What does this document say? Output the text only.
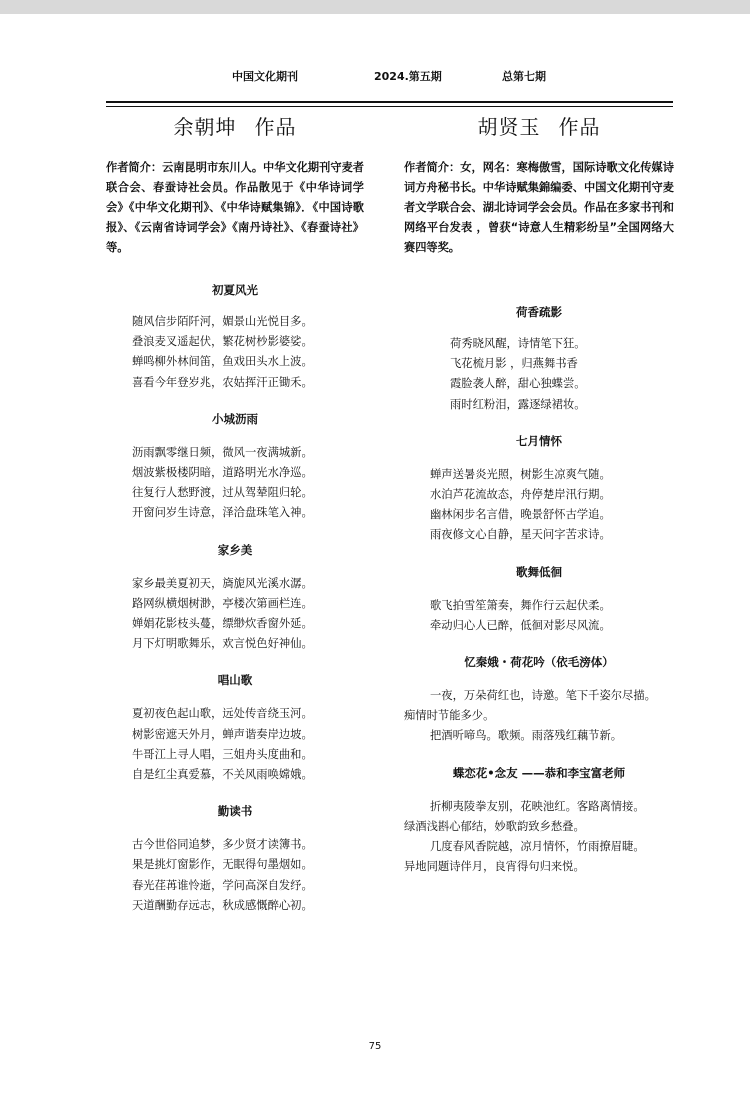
中国文化期刊	2024.第五期	总第七期
余朝坤 作品
作者简介：云南昆明市东川人。中华文化期刊守麦者联合会、春蚕诗社会员。作品散见于《中华诗词学会》《中华文化期刊》、《中华诗赋集锦》．《中国诗歌报》、《云南省诗词学会》《南丹诗社》、《春蚕诗社》等。
初夏风光
随风信步陌阡河，媚景山光悦目多。
叠浪麦叉遥起伏，繁花树杪影婆娑。
蝉鸣柳外林间笛，鱼戏田头水上波。
喜看今年登岁兆，农姑挥汗正锄禾。
小城沥雨
沥雨飘零继日频，微风一夜满城新。
烟波紫极楼阴暗，道路明光水净巡。
往复行人愁野渡，过从驾辇阻归轮。
开窗问岁生诗意，泽洽盘珠笔入神。
家乡美
家乡最美夏初天，旖旎风光溪水潺。
路网纵横烟树渺，亭楼次第画栏连。
婵娟花影枝头蔓，缥缈炊香窗外延。
月下灯明歌舞乐，欢言悦色好神仙。
唱山歌
夏初夜色起山歌，远处传音绕玉河。
树影密遮天外月，蝉声谐奏岸边坡。
牛哥江上寻人唱，三姐舟头度曲和。
自是红尘真爱慕，不关风雨唤嫦娥。
勤读书
古今世俗同追梦，多少贤才读簿书。
果是挑灯窗影作，无眠得句墨烟如。
春光荏苒谁怜逝，学问高深自发纾。
天道酬勤存远志，秋成感慨醉心初。
胡贤玉 作品
作者简介：女，网名：寒梅傲雪，国际诗歌文化传媒诗词方舟秘书长。中华诗赋集錦编委、中国文化期刊守麦者文学联合会、湖北诗词学会会员。作品在多家书刊和网络平台发表 ，曾获“诗意人生精彩纷呈”全国网络大赛四等奖。
荷香疏影
荷秀晓风醒，诗情笔下狂。
飞花梳月影 ，归燕舞书香
霞脸袭人醉，甜心独蝶尝。
雨时红粉泪，露逐绿裙妆。
七月情怀
蝉声送暑炎光照，树影生凉爽气随。
水泊芦花流故态，舟停楚岸汛行期。
幽林闲步名言借，晚景舒怀古学追。
雨夜修文心自静，星天问字苦求诗。
歌舞低徊
歌飞拍雪笙箫奏，舞作行云起伏柔。
牵动归心人已醉，低徊对影尽风流。
忆秦娥・荷花吟（依毛滂体）
一夜，万朵荷红也，诗邀。笔下千姿尔尽描。
痴情时节能多少。
把酒听啼鸟。歌频。雨落残红藕节新。
蝶恋花•念友 ——恭和李宝富老师
折柳夷陵拳友别，花映池红。客路离情接。
绿酒浅斟心郁结，妙歌韵致乡愁叠。
几度春风香院越，凉月情怀，竹雨撩眉睫。
异地同题诗伴月，良宵得句归来悦。
75
